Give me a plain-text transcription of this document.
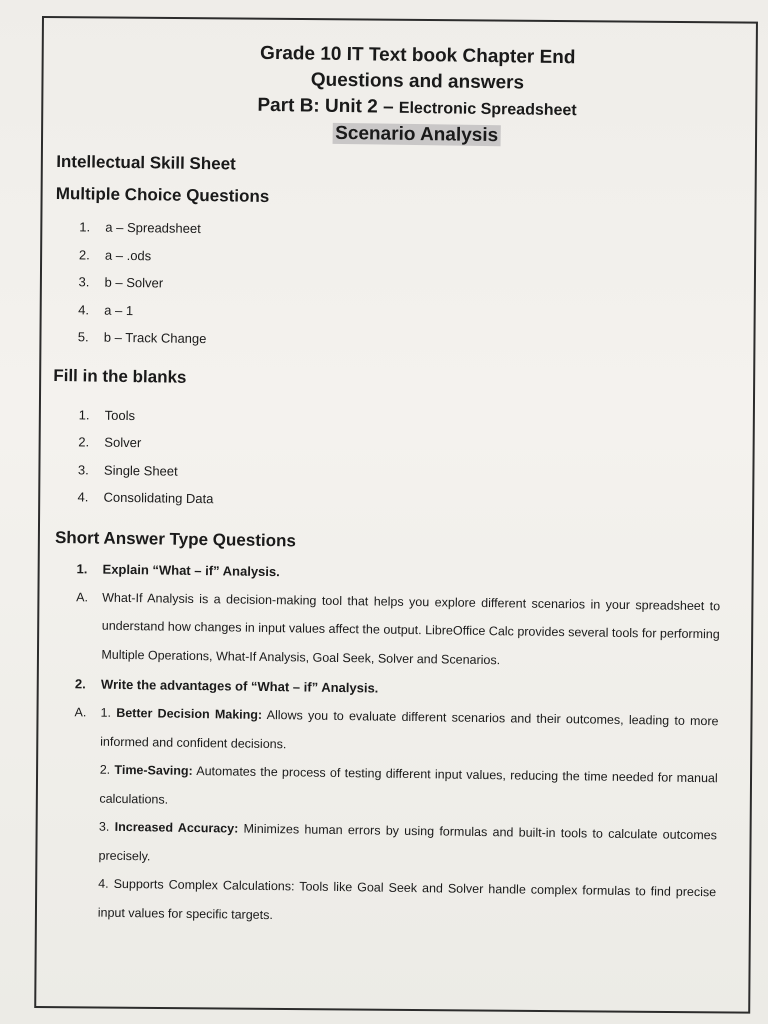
Grade 10 IT Text book Chapter End
Questions and answers
Part B: Unit 2 – Electronic Spreadsheet
Scenario Analysis
Intellectual Skill Sheet
Multiple Choice Questions
1. a – Spreadsheet
2. a – .ods
3. b – Solver
4. a – 1
5. b – Track Change
Fill in the blanks
1. Tools
2. Solver
3. Single Sheet
4. Consolidating Data
Short Answer Type Questions
1. Explain “What – if” Analysis.
A. What-If Analysis is a decision-making tool that helps you explore different scenarios in your spreadsheet to understand how changes in input values affect the output. LibreOffice Calc provides several tools for performing Multiple Operations, What-If Analysis, Goal Seek, Solver and Scenarios.
2. Write the advantages of “What – if” Analysis.
A. 1. Better Decision Making: Allows you to evaluate different scenarios and their outcomes, leading to more informed and confident decisions.
2. Time-Saving: Automates the process of testing different input values, reducing the time needed for manual calculations.
3. Increased Accuracy: Minimizes human errors by using formulas and built-in tools to calculate outcomes precisely.
4. Supports Complex Calculations: Tools like Goal Seek and Solver handle complex formulas to find precise input values for specific targets.
